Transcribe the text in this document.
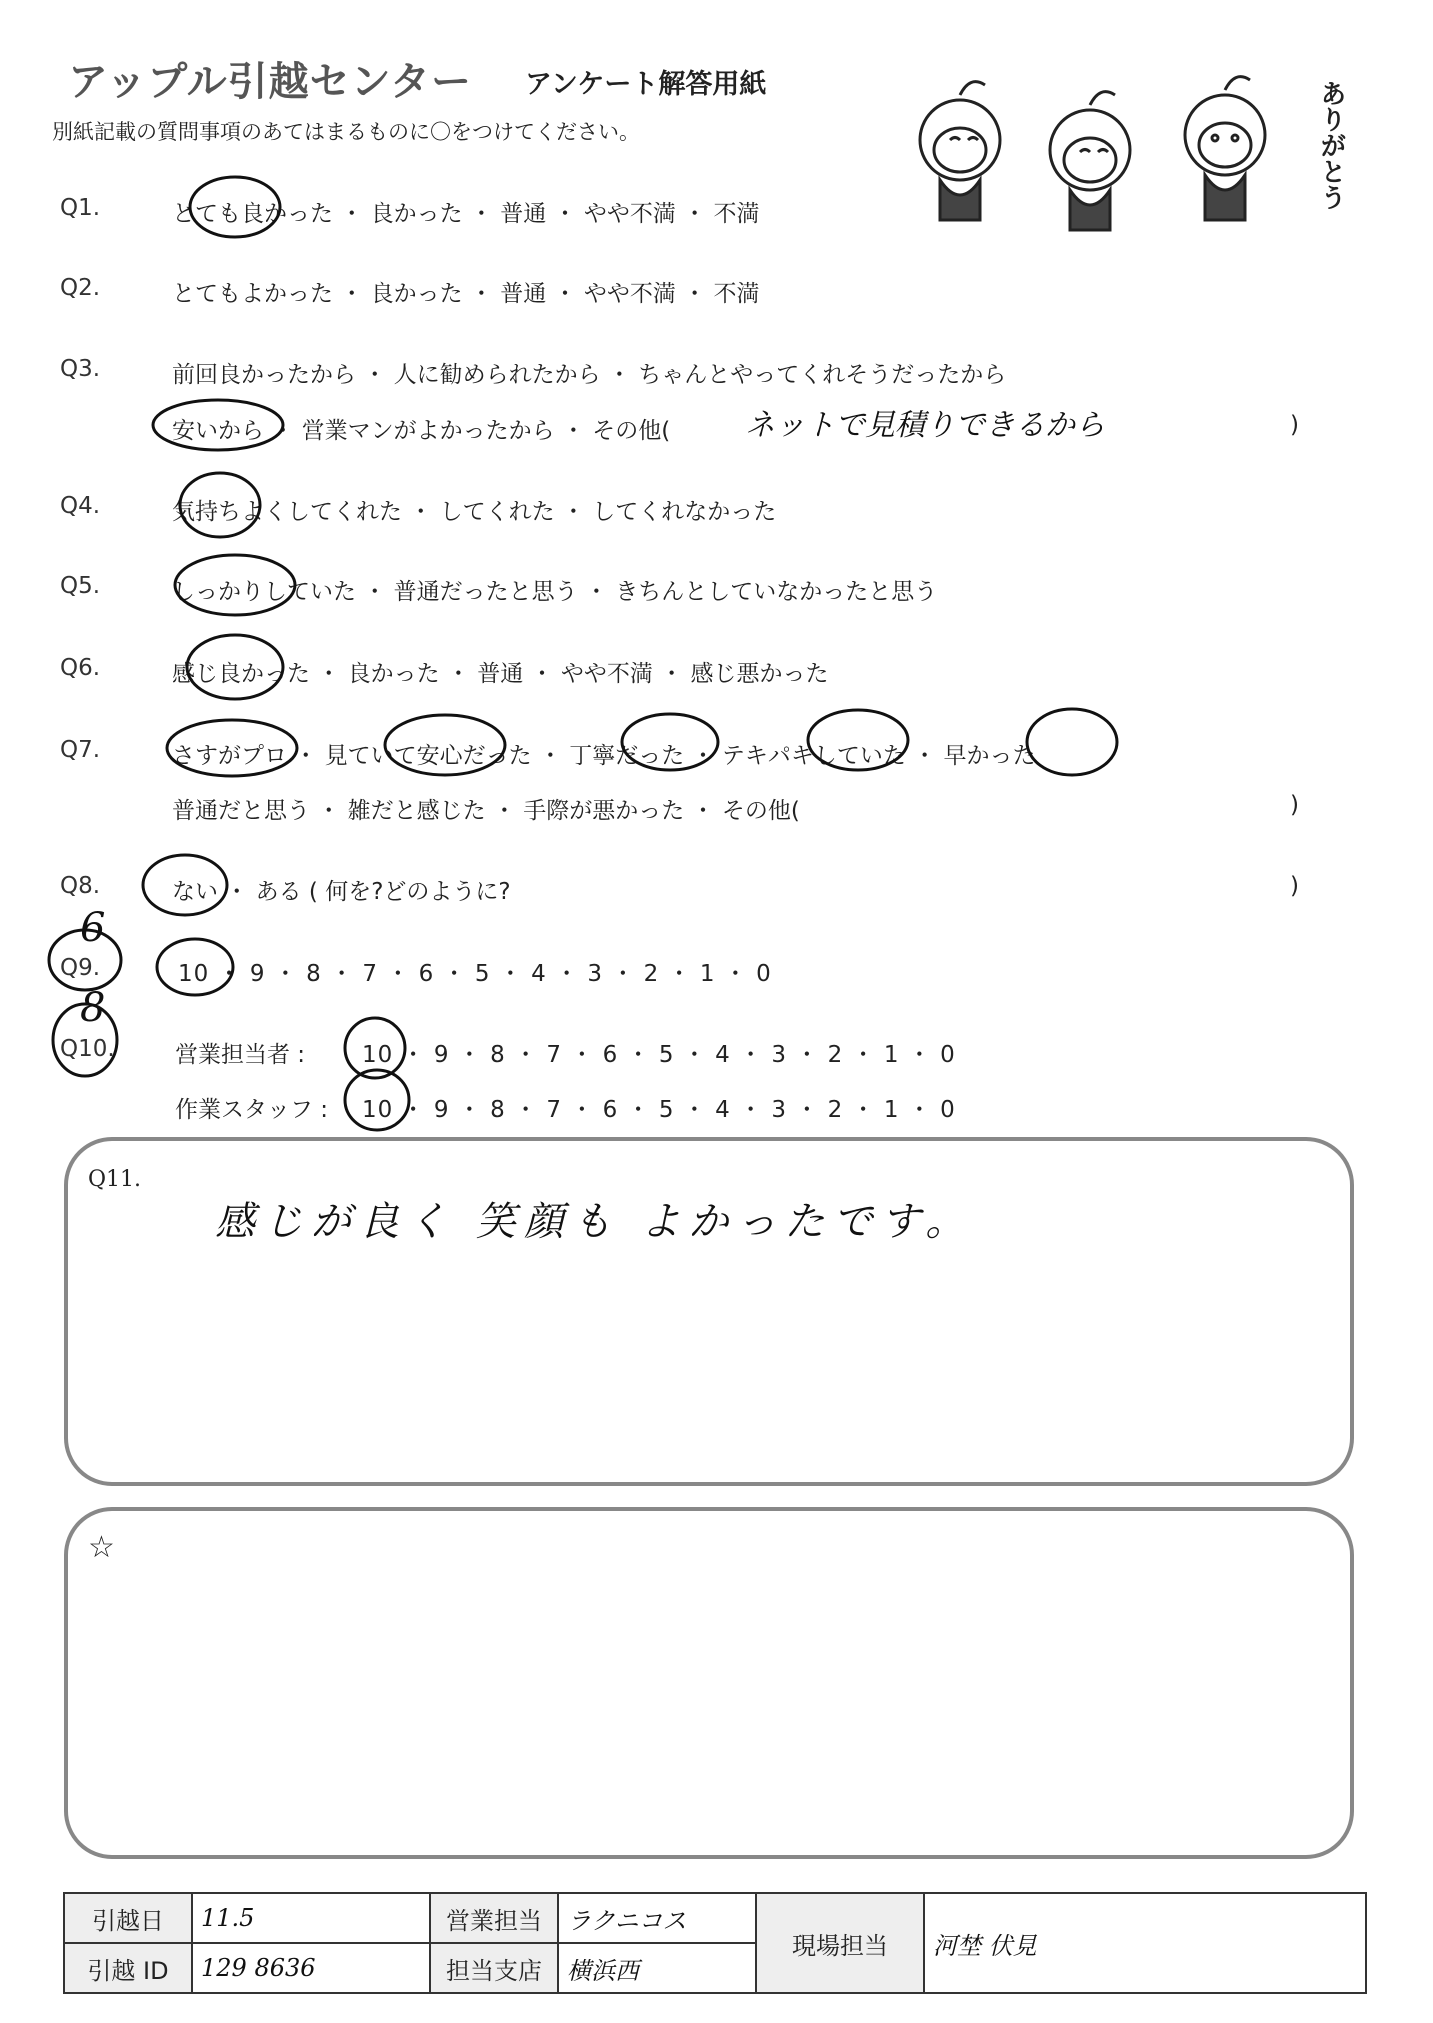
アップル引越センター アンケート解答用紙
別紙記載の質問事項のあてはまるものに〇をつけてください。	ありがとう
Q1.	とても良かった ・ 良かった ・ 普通 ・ やや不満 ・ 不満
Q2.	とてもよかった ・ 良かった ・ 普通 ・ やや不満 ・ 不満
Q3.	前回良かったから ・ 人に勧められたから ・ ちゃんとやってくれそうだったから
安いから ・ 営業マンがよかったから ・ その他( ネットで見積りできるから	)
Q4.	気持ちよくしてくれた ・ してくれた ・ してくれなかった
Q5.	しっかりしていた ・ 普通だったと思う ・ きちんとしていなかったと思う
Q6.	感じ良かった ・ 良かった ・ 普通 ・ やや不満 ・ 感じ悪かった
Q7.	さすがプロ ・ 見ていて安心だった ・ 丁寧だった ・ テキパキしていた ・ 早かった
普通だと思う ・ 雑だと感じた ・ 手際が悪かった ・ その他(	)
Q8.	ない ・ ある ( 何を?どのように?	)
Q9.	10 ・ 9 ・ 8 ・ 7 ・ 6 ・ 5 ・ 4 ・ 3 ・ 2 ・ 1 ・ 0
6
Q10.
8
営業担当者 : 10 ・ 9 ・ 8 ・ 7 ・ 6 ・ 5 ・ 4 ・ 3 ・ 2 ・ 1 ・ 0
作業スタッフ : 10 ・ 9 ・ 8 ・ 7 ・ 6 ・ 5 ・ 4 ・ 3 ・ 2 ・ 1 ・ 0
Q11.
感じが良く 笑顔も よかったです。
☆
引越日	11.5	営業担当	ラクニコス	現場担当	河埜 伏見
引越 ID	129 8636	担当支店	横浜西		
